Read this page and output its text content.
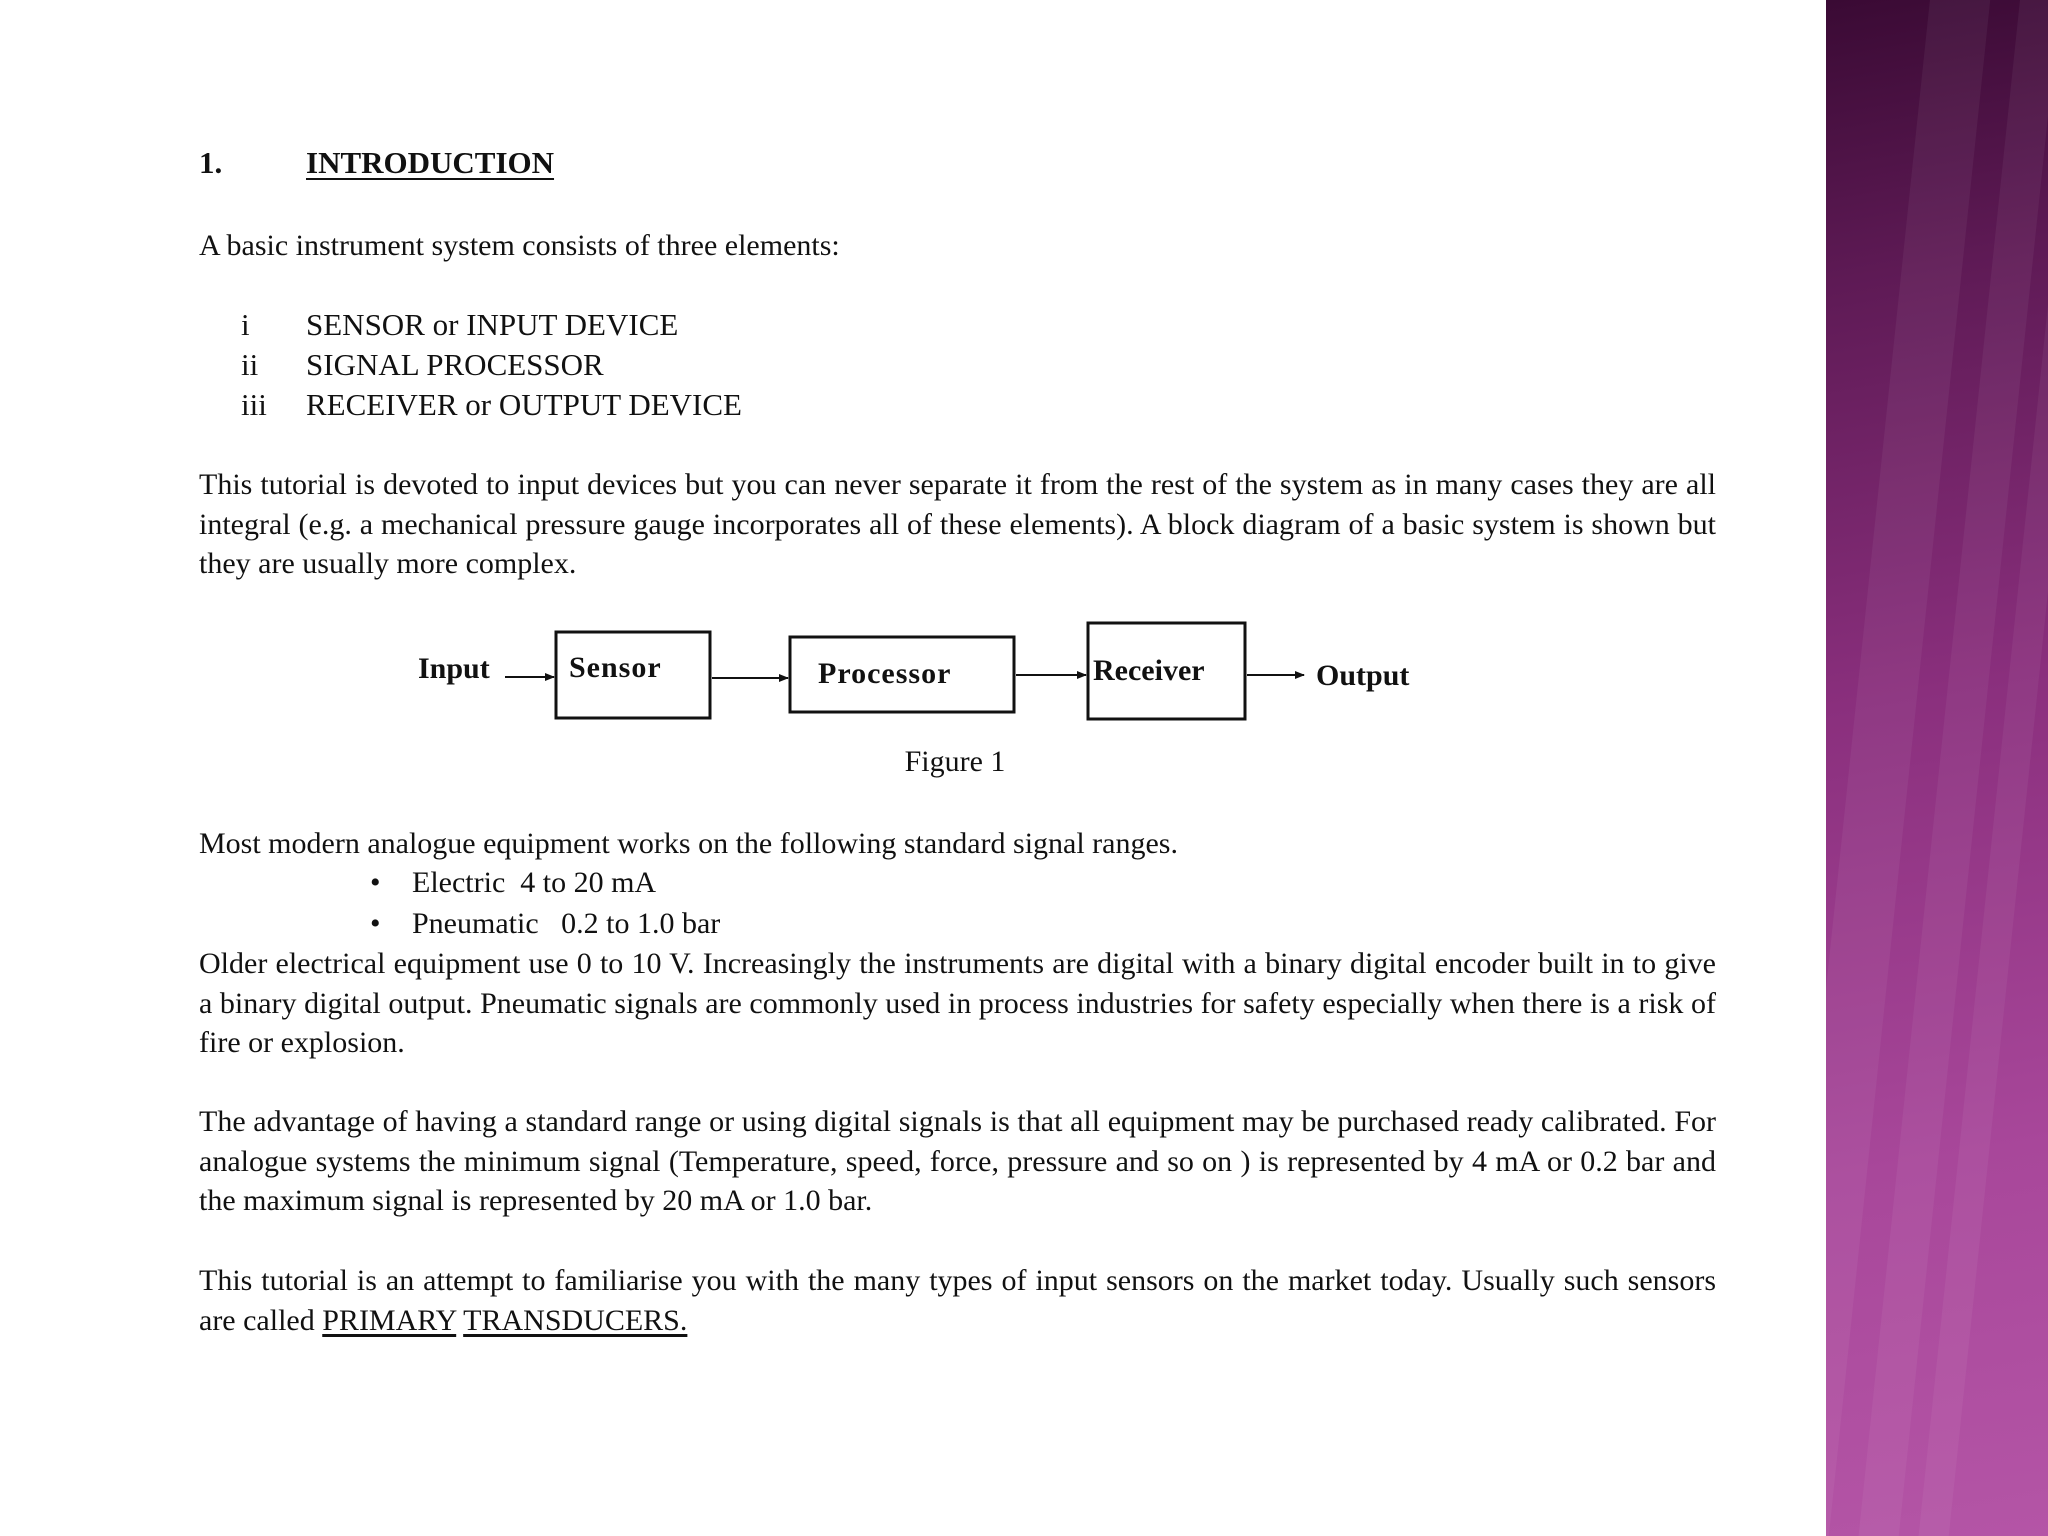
1.	INTRODUCTION
A basic instrument system consists of three elements:
i SENSOR or INPUT DEVICE
ii SIGNAL PROCESSOR
iii RECEIVER or OUTPUT DEVICE
This tutorial is devoted to input devices but you can never separate it from the rest of the system as in many cases they are all integral (e.g. a mechanical pressure gauge incorporates all of these elements). A block diagram of a basic system is shown but they are usually more complex.
Input	Sensor	Processor	Receiver	Output
Figure 1
Most modern analogue equipment works on the following standard signal ranges.
• Electric  4 to 20 mA
• Pneumatic   0.2 to 1.0 bar
Older electrical equipment use 0 to 10 V. Increasingly the instruments are digital with a binary digital encoder built in to give a binary digital output. Pneumatic signals are commonly used in process industries for safety especially when there is a risk of fire or explosion.
The advantage of having a standard range or using digital signals is that all equipment may be purchased ready calibrated. For analogue systems the minimum signal (Temperature, speed, force, pressure and so on ) is represented by 4 mA or 0.2 bar and the maximum signal is represented by 20 mA or 1.0 bar.
This tutorial is an attempt to familiarise you with the many types of input sensors on the market today. Usually such sensors are called PRIMARY TRANSDUCERS.
